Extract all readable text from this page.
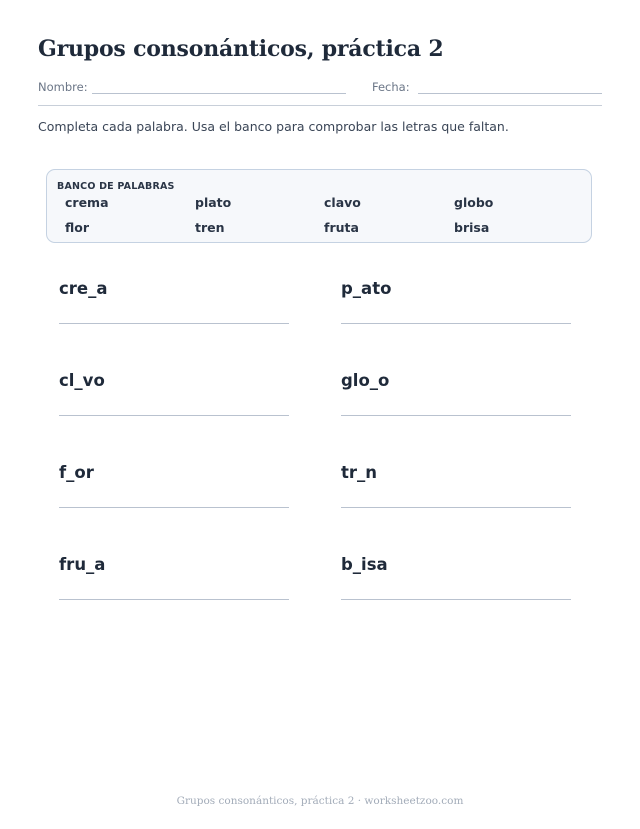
Grupos consonánticos, práctica 2
Nombre:	Fecha:
Completa cada palabra. Usa el banco para comprobar las letras que faltan.
BANCO DE PALABRAS
crema	plato	clavo	globo
flor	tren	fruta	brisa
cre_a	p_ato
cl_vo	glo_o
f_or	tr_n
fru_a	b_isa
Grupos consonánticos, práctica 2 · worksheetzoo.com
